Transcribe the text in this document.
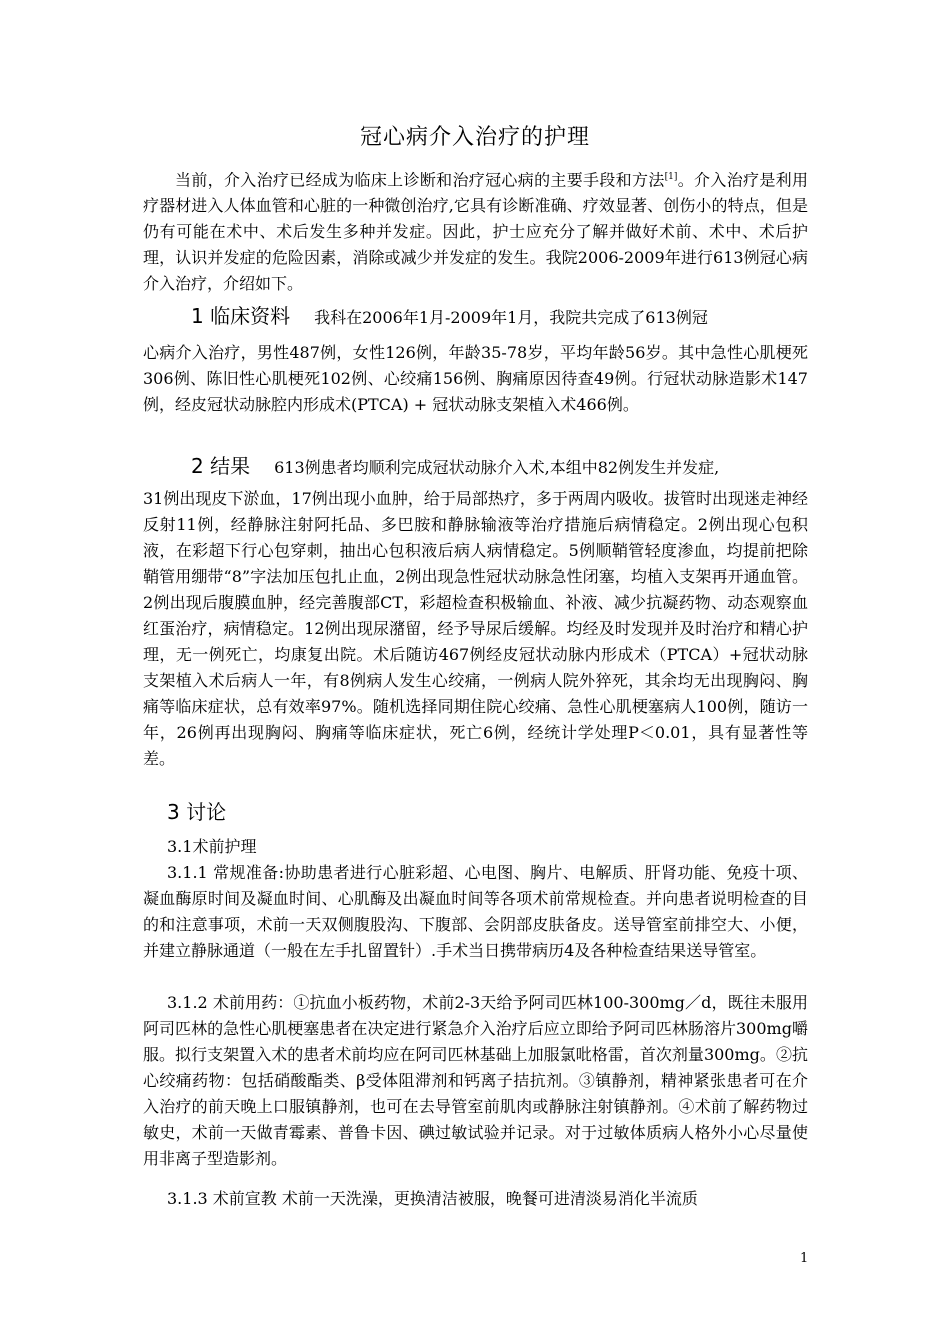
冠心病介入治疗的护理

当前，介入治疗已经成为临床上诊断和治疗冠心病的主要手段和方法[1]。介入治疗是利用疗器材进入人体血管和心脏的一种微创治疗,它具有诊断准确、疗效显著、创伤小的特点，但是仍有可能在术中、术后发生多种并发症。因此，护士应充分了解并做好术前、术中、术后护理，认识并发症的危险因素，消除或减少并发症的发生。我院2006-2009年进行613例冠心病介入治疗，介绍如下。

1 临床资料 我科在2006年1月-2009年1月，我院共完成了613例冠

心病介入治疗，男性487例，女性126例，年龄35-78岁，平均年龄56岁。其中急性心肌梗死306例、陈旧性心肌梗死102例、心绞痛156例、胸痛原因待查49例。行冠状动脉造影术147例，经皮冠状动脉腔内形成术(PTCA) + 冠状动脉支架植入术466例。

2 结果 613例患者均顺利完成冠状动脉介入术,本组中82例发生并发症,

31例出现皮下淤血，17例出现小血肿，给于局部热疗，多于两周内吸收。拔管时出现迷走神经反射11例，经静脉注射阿托品、多巴胺和静脉输液等治疗措施后病情稳定。2例出现心包积液，在彩超下行心包穿刺，抽出心包积液后病人病情稳定。5例顺鞘管轻度渗血，均提前把除鞘管用绷带“8”字法加压包扎止血，2例出现急性冠状动脉急性闭塞，均植入支架再开通血管。2例出现后腹膜血肿，经完善腹部CT，彩超检查积极输血、补液、减少抗凝药物、动态观察血红蛋治疗，病情稳定。12例出现尿潴留，经予导尿后缓解。均经及时发现并及时治疗和精心护理，无一例死亡，均康复出院。术后随访467例经皮冠状动脉内形成术（PTCA）+冠状动脉支架植入术后病人一年，有8例病人发生心绞痛，一例病人院外猝死，其余均无出现胸闷、胸痛等临床症状，总有效率97%。随机选择同期住院心绞痛、急性心肌梗塞病人100例，随访一年，26例再出现胸闷、胸痛等临床症状，死亡6例，经统计学处理P＜0.01，具有显著性等差。

3 讨论

3.1术前护理

3.1.1 常规准备:协助患者进行心脏彩超、心电图、胸片、电解质、肝肾功能、免疫十项、凝血酶原时间及凝血时间、心肌酶及出凝血时间等各项术前常规检查。并向患者说明检查的目的和注意事项，术前一天双侧腹股沟、下腹部、会阴部皮肤备皮。送导管室前排空大、小便，并建立静脉通道（一般在左手扎留置针）.手术当日携带病历4及各种检查结果送导管室。

3.1.2 术前用药：①抗血小板药物，术前2-3天给予阿司匹林100-300mg／d，既往未服用阿司匹林的急性心肌梗塞患者在决定进行紧急介入治疗后应立即给予阿司匹林肠溶片300mg嚼服。拟行支架置入术的患者术前均应在阿司匹林基础上加服氯吡格雷，首次剂量300mg。②抗心绞痛药物：包括硝酸酯类、β受体阻滞剂和钙离子拮抗剂。③镇静剂，精神紧张患者可在介入治疗的前天晚上口服镇静剂，也可在去导管室前肌肉或静脉注射镇静剂。④术前了解药物过敏史，术前一天做青霉素、普鲁卡因、碘过敏试验并记录。对于过敏体质病人格外小心尽量使用非离子型造影剂。

3.1.3 术前宣教 术前一天洗澡，更换清洁被服，晚餐可进清淡易消化半流质

1
